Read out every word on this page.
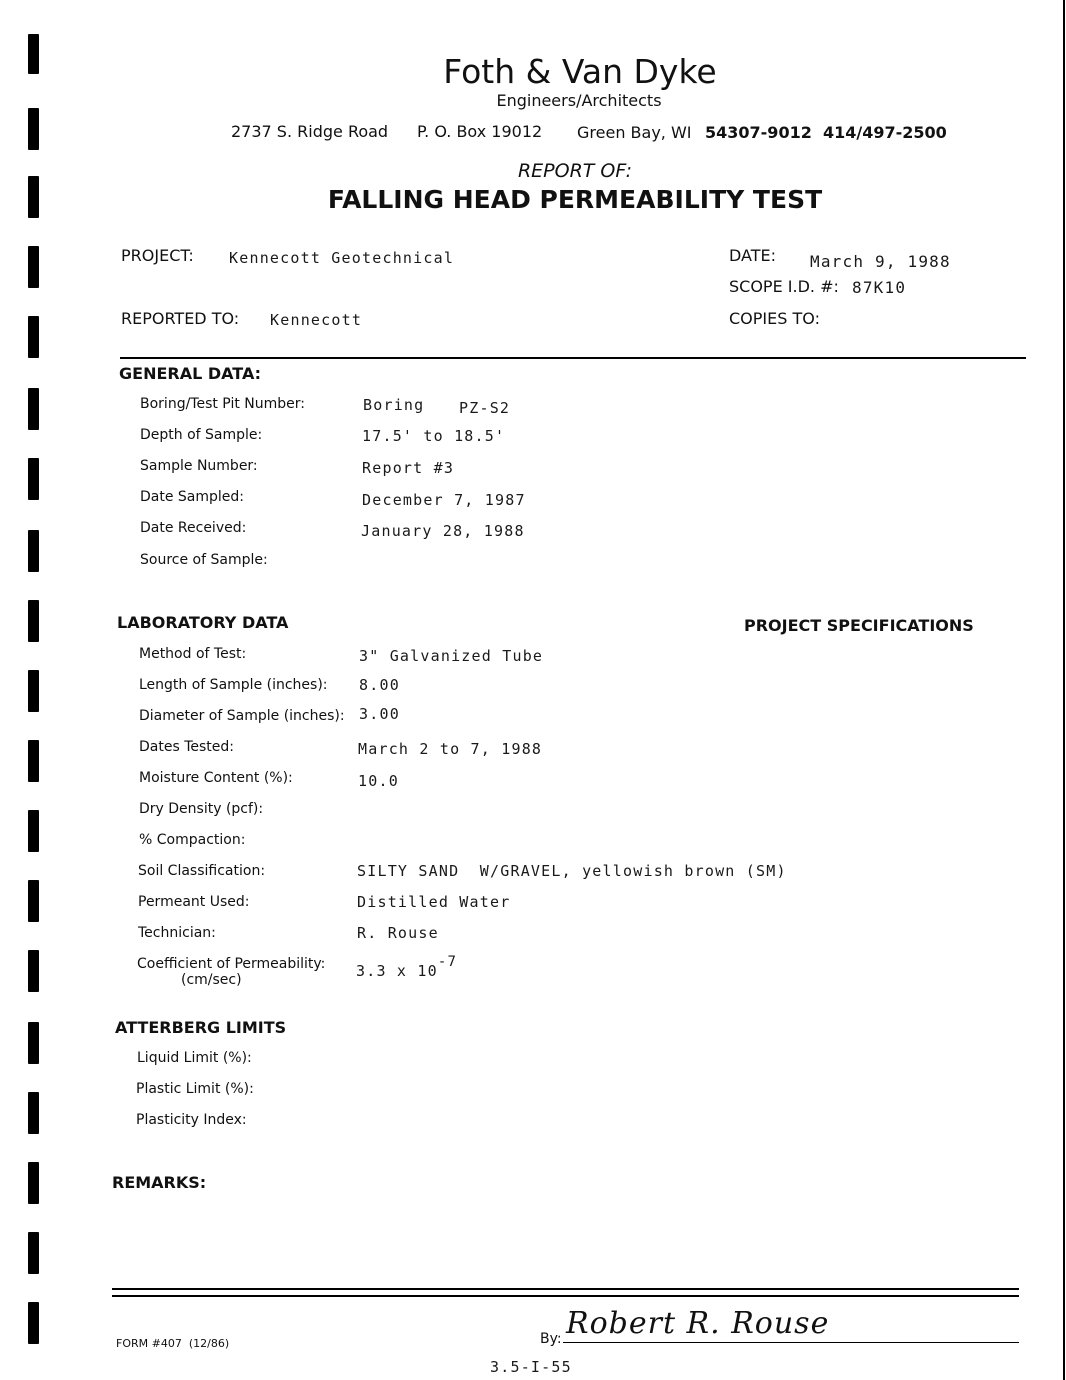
Foth & Van Dyke
Engineers/Architects
2737 S. Ridge Road P. O. Box 19012 Green Bay, WI 54307-9012 414/497-2500
REPORT OF:
FALLING HEAD PERMEABILITY TEST
PROJECT: Kennecott Geotechnical	DATE: March 9, 1988
SCOPE I.D. #: 87K10
REPORTED TO: Kennecott	COPIES TO:
GENERAL DATA:
Boring/Test Pit Number:	Boring PZ-S2
Depth of Sample:	17.5' to 18.5'
Sample Number:	Report #3
Date Sampled:	December 7, 1987
Date Received:	January 28, 1988
Source of Sample:
LABORATORY DATA	PROJECT SPECIFICATIONS
Method of Test:	3" Galvanized Tube
Length of Sample (inches): 8.00
Diameter of Sample (inches): 3.00
Dates Tested:	March 2 to 7, 1988
Moisture Content (%):	10.0
Dry Density (pcf):
% Compaction:
Soil Classification:	SILTY SAND  W/GRAVEL, yellowish brown (SM)
Permeant Used:	Distilled Water
Technician:	R. Rouse
Coefficient of Permeability:
(cm/sec)	3.3 x $10^{-7}$
ATTERBERG LIMITS
Liquid Limit (%):
Plastic Limit (%):
Plasticity Index:
REMARKS:
FORM #407  (12/86)	By: Robert R. Rouse
3.5-I-55
